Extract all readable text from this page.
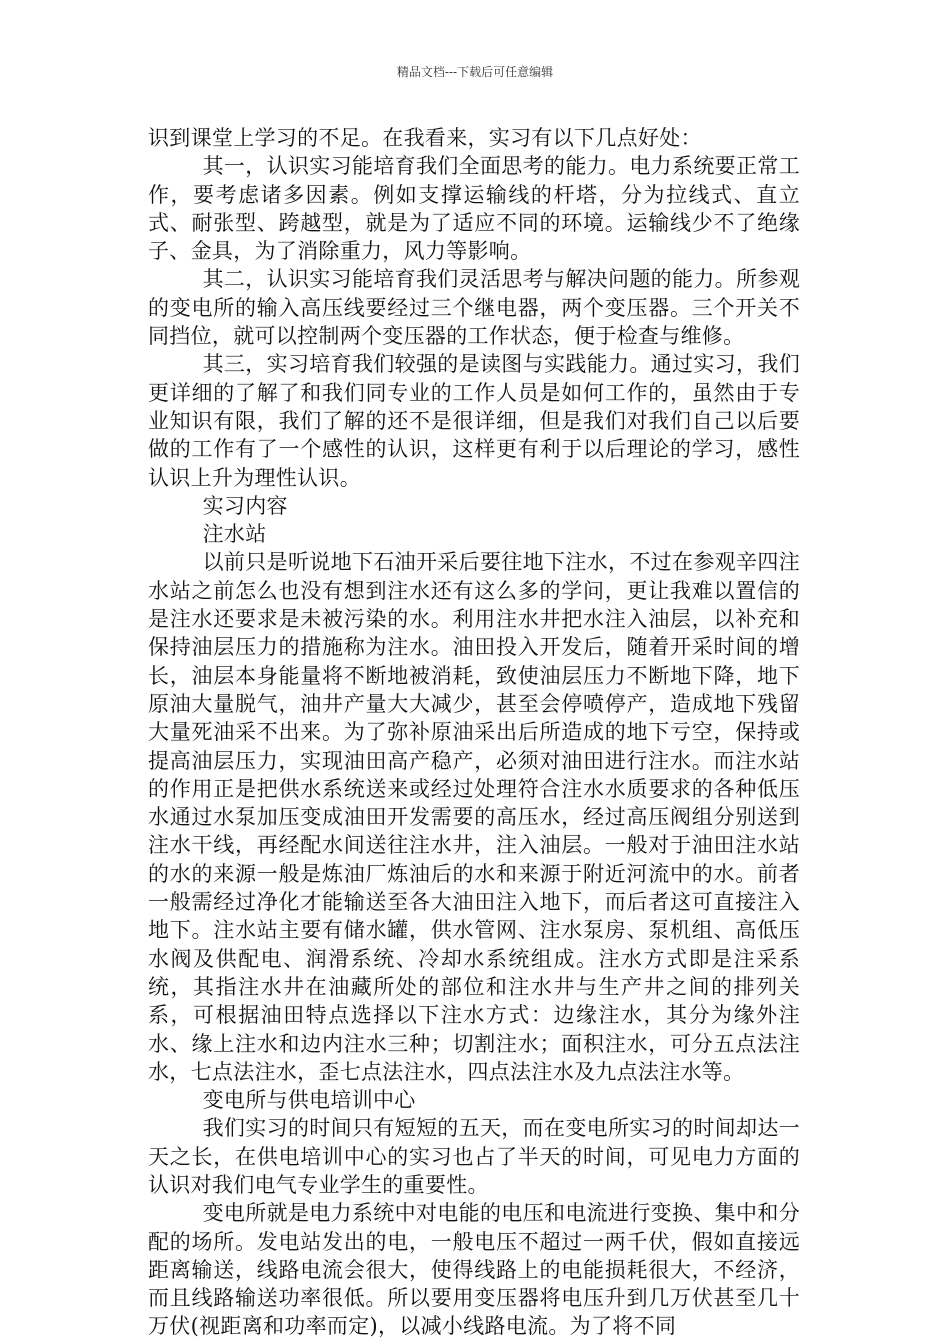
精品文档---下载后可任意编辑

识到课堂上学习的不足。在我看来，实习有以下几点好处：

其一，认识实习能培育我们全面思考的能力。电力系统要正常工作，要考虑诸多因素。例如支撑运输线的杆塔，分为拉线式、直立式、耐张型、跨越型，就是为了适应不同的环境。运输线少不了绝缘子、金具，为了消除重力，风力等影响。

其二，认识实习能培育我们灵活思考与解决问题的能力。所参观的变电所的输入高压线要经过三个继电器，两个变压器。三个开关不同挡位，就可以控制两个变压器的工作状态，便于检查与维修。

其三，实习培育我们较强的是读图与实践能力。通过实习，我们更详细的了解了和我们同专业的工作人员是如何工作的，虽然由于专业知识有限，我们了解的还不是很详细，但是我们对我们自己以后要做的工作有了一个感性的认识，这样更有利于以后理论的学习，感性认识上升为理性认识。

实习内容

注水站

以前只是听说地下石油开采后要往地下注水，不过在参观辛四注水站之前怎么也没有想到注水还有这么多的学问，更让我难以置信的是注水还要求是未被污染的水。利用注水井把水注入油层，以补充和保持油层压力的措施称为注水。油田投入开发后，随着开采时间的增长，油层本身能量将不断地被消耗，致使油层压力不断地下降，地下原油大量脱气，油井产量大大减少，甚至会停喷停产，造成地下残留大量死油采不出来。为了弥补原油采出后所造成的地下亏空，保持或提高油层压力，实现油田高产稳产，必须对油田进行注水。而注水站的作用正是把供水系统送来或经过处理符合注水水质要求的各种低压水通过水泵加压变成油田开发需要的高压水，经过高压阀组分别送到注水干线，再经配水间送往注水井，注入油层。一般对于油田注水站的水的来源一般是炼油厂炼油后的水和来源于附近河流中的水。前者一般需经过净化才能输送至各大油田注入地下，而后者这可直接注入地下。注水站主要有储水罐，供水管网、注水泵房、泵机组、高低压水阀及供配电、润滑系统、冷却水系统组成。注水方式即是注采系统，其指注水井在油藏所处的部位和注水井与生产井之间的排列关系，可根据油田特点选择以下注水方式：边缘注水，其分为缘外注水、缘上注水和边内注水三种；切割注水；面积注水，可分五点法注水，七点法注水，歪七点法注水，四点法注水及九点法注水等。

变电所与供电培训中心

我们实习的时间只有短短的五天，而在变电所实习的时间却达一天之长，在供电培训中心的实习也占了半天的时间，可见电力方面的认识对我们电气专业学生的重要性。

变电所就是电力系统中对电能的电压和电流进行变换、集中和分配的场所。发电站发出的电，一般电压不超过一两千伏，假如直接远距离输送，线路电流会很大，使得线路上的电能损耗很大，不经济，而且线路输送功率很低。所以要用变压器将电压升到几万伏甚至几十万伏(视距离和功率而定)，以减小线路电流。为了将不同
